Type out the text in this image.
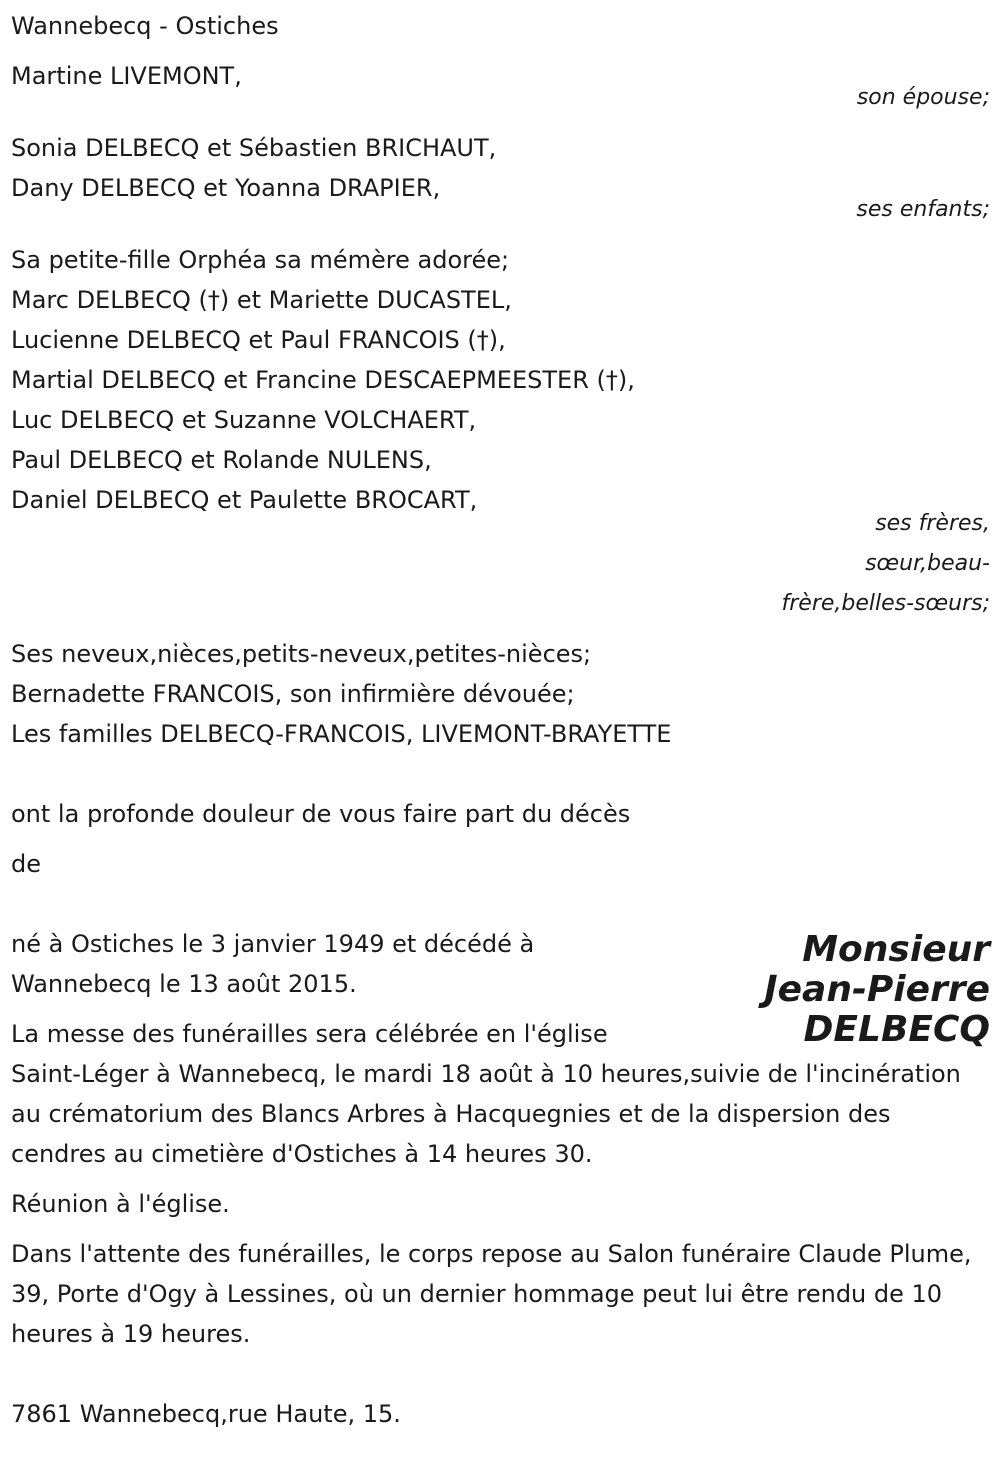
Wannebecq - Ostiches
Martine LIVEMONT,
son épouse;
Sonia DELBECQ et Sébastien BRICHAUT,
Dany DELBECQ et Yoanna DRAPIER,
ses enfants;
Sa petite-fille Orphéa sa mémère adorée;
Marc DELBECQ (†) et Mariette DUCASTEL,
Lucienne DELBECQ et Paul FRANCOIS (†),
Martial DELBECQ et Francine DESCAEPMEESTER (†),
Luc DELBECQ et Suzanne VOLCHAERT,
Paul DELBECQ et Rolande NULENS,
Daniel DELBECQ et Paulette BROCART,
ses frères,
sœur,beau-
frère,belles-sœurs;
Ses neveux,nièces,petits-neveux,petites-nièces;
Bernadette FRANCOIS, son infirmière dévouée;
Les familles DELBECQ-FRANCOIS, LIVEMONT-BRAYETTE
ont la profonde douleur de vous faire part du décès
de
Monsieur
Jean-Pierre
DELBECQ
né à Ostiches le 3 janvier 1949 et décédé à Wannebecq le 13 août 2015.
La messe des funérailles sera célébrée en l'église Saint-Léger à Wannebecq, le mardi 18 août à 10 heures,suivie de l'incinération au crématorium des Blancs Arbres à Hacquegnies et de la dispersion des cendres au cimetière d'Ostiches à 14 heures 30.
Réunion à l'église.
Dans l'attente des funérailles, le corps repose au Salon funéraire Claude Plume, 39, Porte d'Ogy à Lessines, où un dernier hommage peut lui être rendu de 10 heures à 19 heures.
7861 Wannebecq,rue Haute, 15.
